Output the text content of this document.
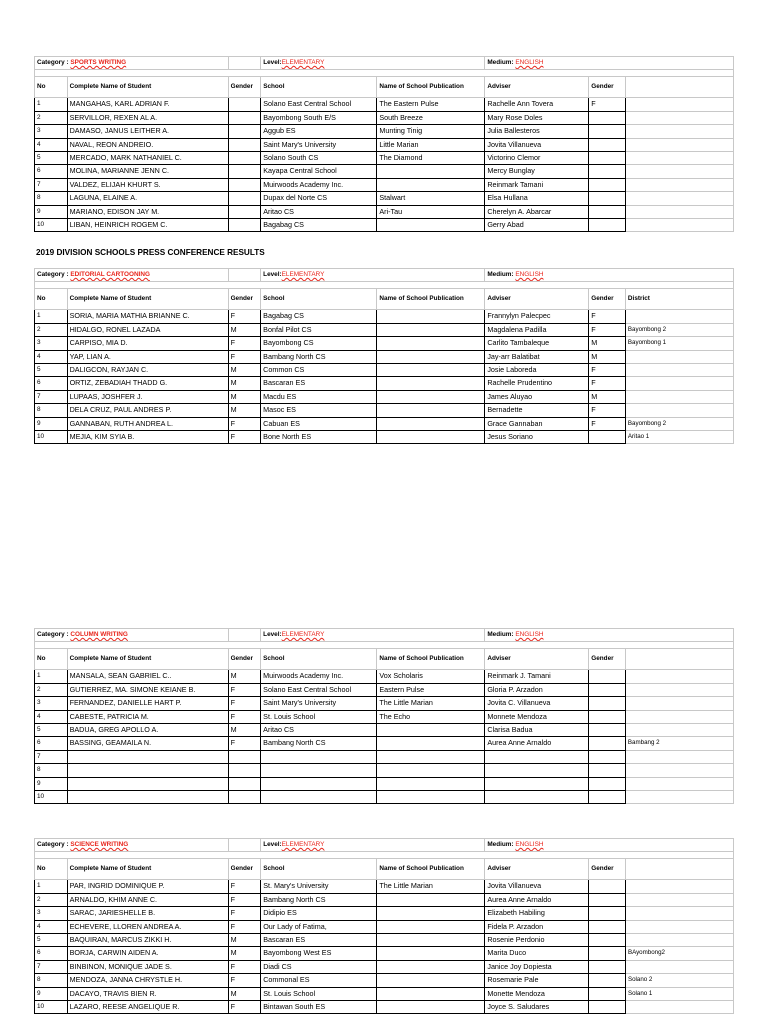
Category : SPORTS WRITING			Level:ELEMENTARY		Medium: ENGLISH		

No	Complete Name of Student	Gender	School	Name of School Publication	Adviser	Gender	
1	MANGAHAS, KARL ADRIAN F.		Solano East Central School	The Eastern Pulse	Rachelle Ann Tovera	F	
2	SERVILLOR, REXEN AL A.		Bayombong South E/S	South Breeze	Mary Rose Doles		
3	DAMASO, JANUS LEITHER A.		Aggub ES	Munting Tinig	Julia Ballesteros		
4	NAVAL, REON ANDREIO.		Saint Mary's University	Little Marian	Jovita Villanueva		
5	MERCADO, MARK NATHANIEL C.		Solano South CS	The Diamond	Victorino Clemor		
6	MOLINA, MARIANNE JENN C.		Kayapa Central School		Mercy Bunglay		
7	VALDEZ, ELIJAH KHURT S.		Muirwoods Academy Inc.		Reinmark Tamani		
8	LAGUNA, ELAINE A.		Dupax del Norte CS	Stalwart	Elsa Hullana		
9	MARIANO, EDISON JAY M.		Aritao CS	Ari-Tau	Cherelyn A. Abarcar		
10	LIBAN, HEINRICH ROGEM C.		Bagabag CS		Gerry Abad		
2019 DIVISION SCHOOLS PRESS CONFERENCE RESULTS
Category : EDITORIAL CARTOONING			Level:ELEMENTARY		Medium: ENGLISH		

No	Complete Name of Student	Gender	School	Name of School Publication	Adviser	Gender	District
1	SORIA, MARIA MATHIA BRIANNE C.	F	Bagabag CS		Frannylyn Palecpec	F	
2	HIDALGO, RONEL LAZADA	M	Bonfal Pilot CS		Magdalena Padilla	F	Bayombong 2
3	CARPISO, MIA D.	F	Bayombong CS		Carlito Tambaleque	M	Bayombong 1
4	YAP, LIAN A.	F	Bambang North CS		Jay-arr Balatibat	M	
5	DALIGCON, RAYJAN C.	M	Common CS		Josie Laboreda	F	
6	ORTIZ, ZEBADIAH THADD G.	M	Bascaran ES		Rachelle Prudentino	F	
7	LUPAAS, JOSHFER J.	M	Macdu ES		James Aluyao	M	
8	DELA CRUZ, PAUL ANDRES P.	M	Masoc ES		Bernadette	F	
9	GANNABAN, RUTH ANDREA L.	F	Cabuan ES		Grace Gannaban	F	Bayombong 2
10	MEJIA, KIM SYIA B.	F	Bone North ES		Jesus Soriano		Aritao 1
Category : COLUMN WRITING			Level:ELEMENTARY		Medium: ENGLISH		

No	Complete Name of Student	Gender	School	Name of School Publication	Adviser	Gender	
1	MANSALA, SEAN GABRIEL C..	M	Muirwoods Academy Inc.	Vox Scholaris	Reinmark J. Tamani		
2	GUTIERREZ, MA. SIMONE KEIANE B.	F	Solano East Central School	Eastern Pulse	Gloria P. Arzadon		
3	FERNANDEZ, DANIELLE HART P.	F	Saint Mary's University	The Little Marian	Jovita C. Villanueva		
4	CABESTE, PATRICIA M.	F	St. Louis School	The Echo	Monnete Mendoza		
5	BADUA, GREG APOLLO A.	M	Aritao CS		Clarisa Badua		
6	BASSING, GEAMAILA N.	F	Bambang North CS		Aurea Anne Arnaldo		Bambang 2
7							
8							
9							
10							
Category : SCIENCE WRITING			Level:ELEMENTARY		Medium: ENGLISH		

No	Complete Name of Student	Gender	School	Name of School Publication	Adviser	Gender	
1	PAR, INGRID DOMINIQUE P.	F	St. Mary's University	The Little Marian	Jovita Villanueva		
2	ARNALDO, KHIM ANNE C.	F	Bambang North CS		Aurea Anne Arnaldo		
3	SARAC, JARIESHELLE B.	F	Didipio ES		Elizabeth Habiling		
4	ECHEVERE, LLOREN ANDREA A.	F	Our Lady of Fatima,		Fidela P. Arzadon		
5	BAQUIRAN, MARCUS ZIKKI H.	M	Bascaran ES		Rosenie Perdonio		
6	BORJA, CARWIN AIDEN A.	M	Bayombong West ES		Marita Duco		BAyombong2
7	BINBINON, MONIQUE JADE S.	F	Diadi CS		Janice Joy Dopiesta		
8	MENDOZA, JANNA CHRYSTLE H.	F	Commonal ES		Rosemarie Pale		Solano 2
9	DACAYO, TRAVIS BIEN R.	M	St. Louis School		Monette Mendoza		Solano 1
10	LAZARO, REESE ANGELIQUE R.	F	Bintawan South ES		Joyce S. Saludares		
